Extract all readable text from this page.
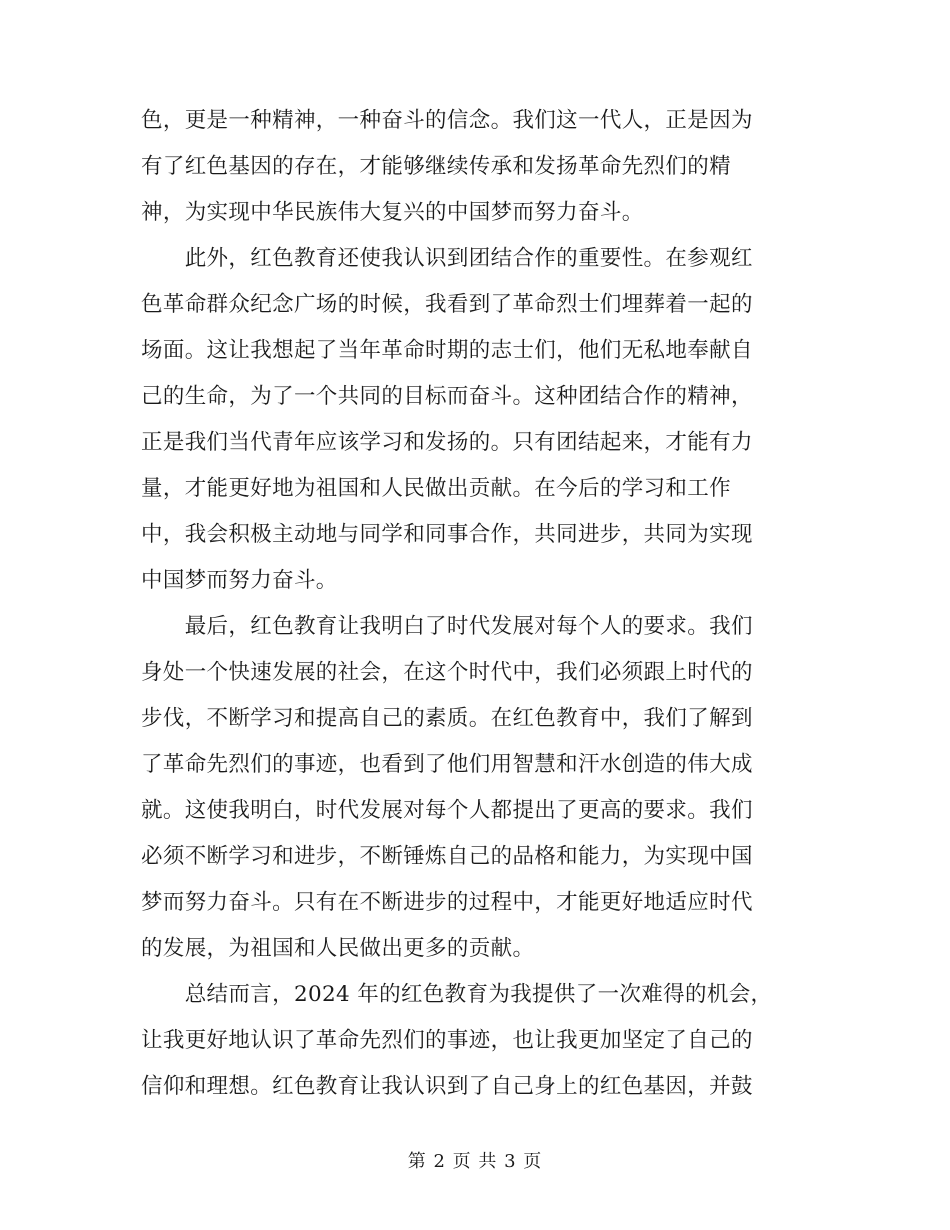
色，更是一种精神，一种奋斗的信念。我们这一代人，正是因为
有了红色基因的存在，才能够继续传承和发扬革命先烈们的精
神，为实现中华民族伟大复兴的中国梦而努力奋斗。
　　此外，红色教育还使我认识到团结合作的重要性。在参观红
色革命群众纪念广场的时候，我看到了革命烈士们埋葬着一起的
场面。这让我想起了当年革命时期的志士们，他们无私地奉献自
己的生命，为了一个共同的目标而奋斗。这种团结合作的精神，
正是我们当代青年应该学习和发扬的。只有团结起来，才能有力
量，才能更好地为祖国和人民做出贡献。在今后的学习和工作
中，我会积极主动地与同学和同事合作，共同进步，共同为实现
中国梦而努力奋斗。
　　最后，红色教育让我明白了时代发展对每个人的要求。我们
身处一个快速发展的社会，在这个时代中，我们必须跟上时代的
步伐，不断学习和提高自己的素质。在红色教育中，我们了解到
了革命先烈们的事迹，也看到了他们用智慧和汗水创造的伟大成
就。这使我明白，时代发展对每个人都提出了更高的要求。我们
必须不断学习和进步，不断锤炼自己的品格和能力，为实现中国
梦而努力奋斗。只有在不断进步的过程中，才能更好地适应时代
的发展，为祖国和人民做出更多的贡献。
　　总结而言，2024 年的红色教育为我提供了一次难得的机会，
让我更好地认识了革命先烈们的事迹，也让我更加坚定了自己的
信仰和理想。红色教育让我认识到了自己身上的红色基因，并鼓
第 2 页 共 3 页
